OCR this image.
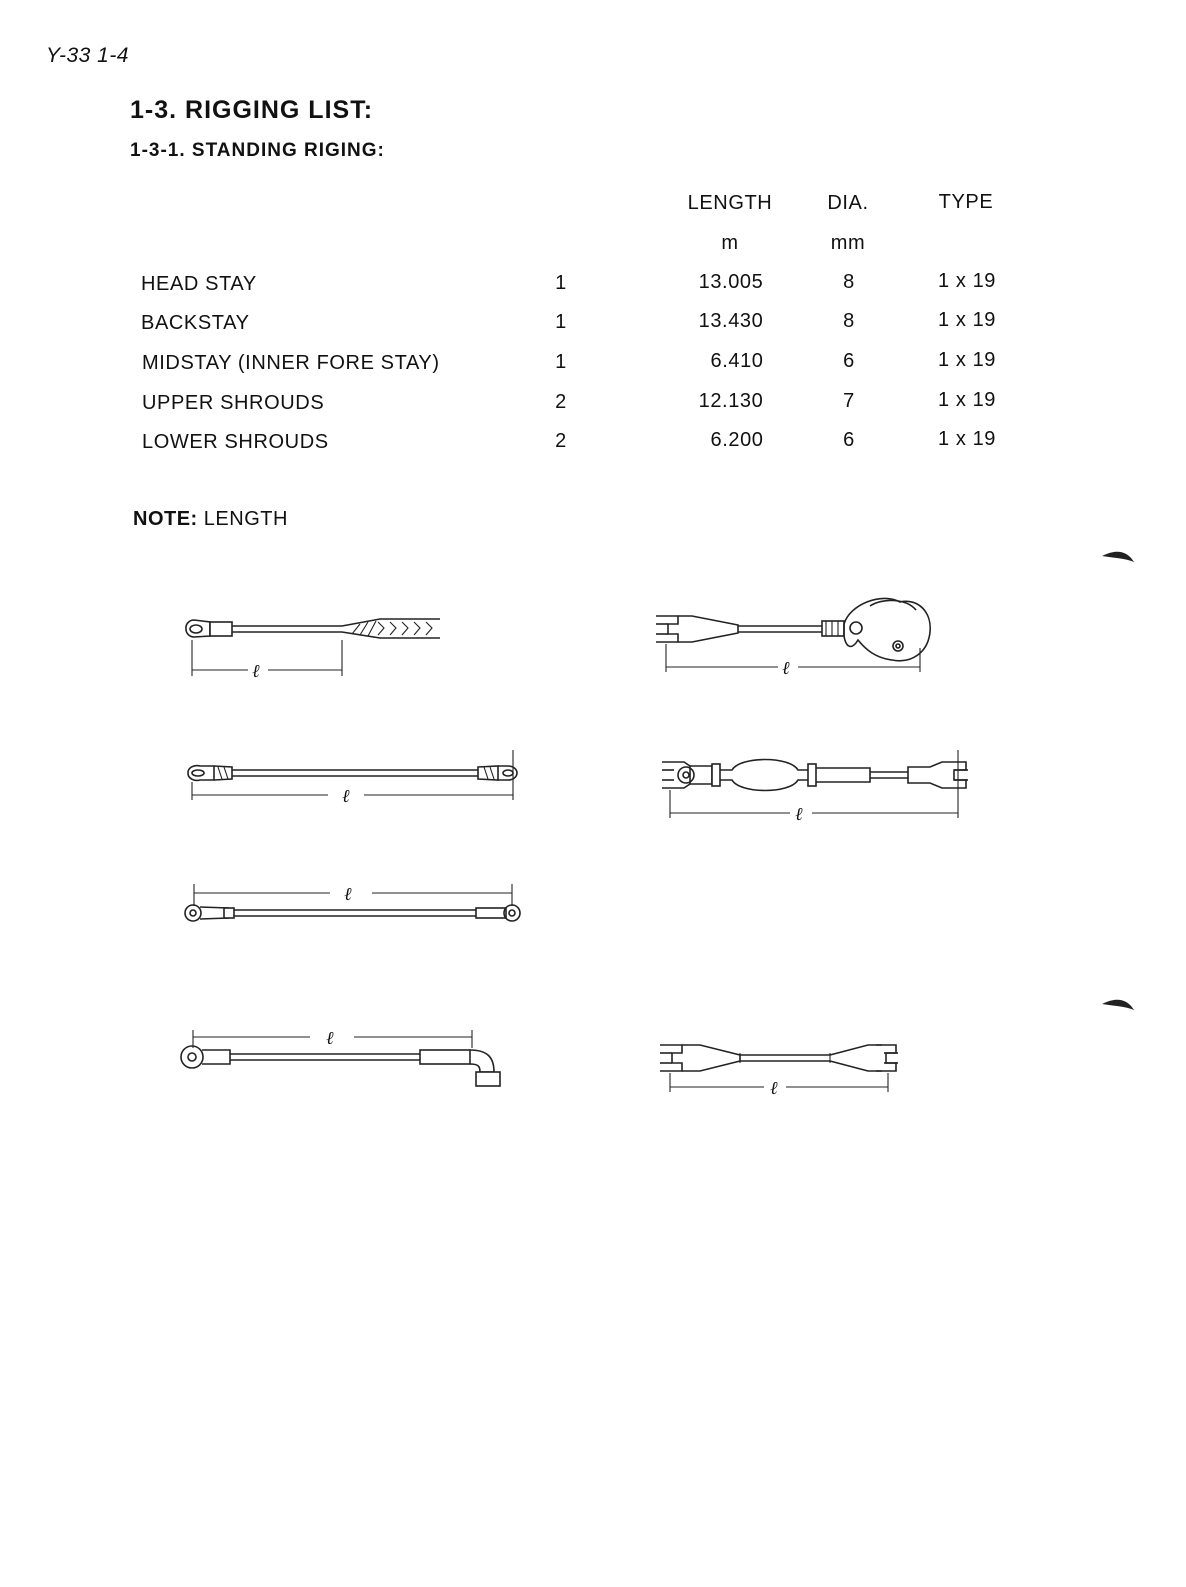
Y-33 1-4
1-3. RIGGING LIST:
1-3-1. STANDING RIGING:
LENGTH	DIA.	TYPE
m	mm
HEAD STAY	1	13.005	8	1 x 19
BACKSTAY	1	13.430	8	1 x 19
MIDSTAY (INNER FORE STAY)	1	6.410	6	1 x 19
UPPER SHROUDS	2	12.130	7	1 x 19
LOWER SHROUDS	2	6.200	6	1 x 19
NOTE: LENGTH
ℓ	ℓ
ℓ
ℓ
ℓ
ℓ
ℓ
